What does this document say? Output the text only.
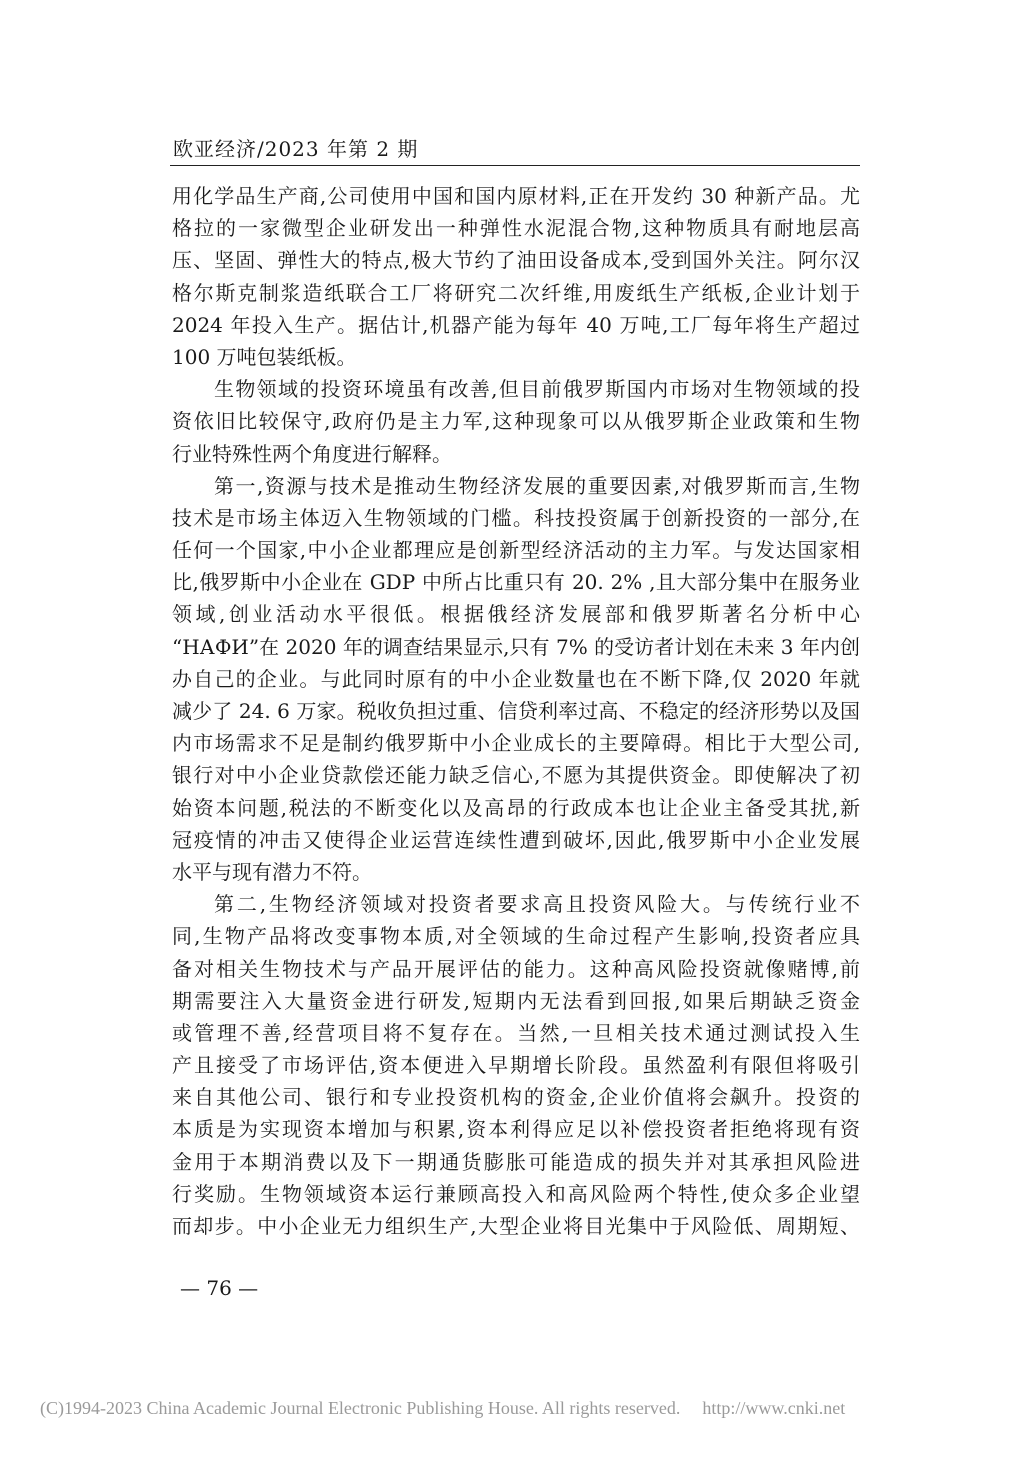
欧亚经济/2023 年第 2 期
用化学品生产商,公司使用中国和国内原材料,正在开发约 30 种新产品。尤
格拉的一家微型企业研发出一种弹性水泥混合物,这种物质具有耐地层高
压、坚固、弹性大的特点,极大节约了油田设备成本,受到国外关注。阿尔汉
格尔斯克制浆造纸联合工厂将研究二次纤维,用废纸生产纸板,企业计划于
2024 年投入生产。据估计,机器产能为每年 40 万吨,工厂每年将生产超过
100 万吨包装纸板。
生物领域的投资环境虽有改善,但目前俄罗斯国内市场对生物领域的投
资依旧比较保守,政府仍是主力军,这种现象可以从俄罗斯企业政策和生物
行业特殊性两个角度进行解释。
第一,资源与技术是推动生物经济发展的重要因素,对俄罗斯而言,生物
技术是市场主体迈入生物领域的门槛。科技投资属于创新投资的一部分,在
任何一个国家,中小企业都理应是创新型经济活动的主力军。与发达国家相
比,俄罗斯中小企业在 GDP 中所占比重只有 20. 2% ,且大部分集中在服务业
领域,创业活动水平很低。根据俄经济发展部和俄罗斯著名分析中心
“НАФИ”在 2020 年的调查结果显示,只有 7% 的受访者计划在未来 3 年内创
办自己的企业。与此同时原有的中小企业数量也在不断下降,仅 2020 年就
减少了 24. 6 万家。税收负担过重、信贷利率过高、不稳定的经济形势以及国
内市场需求不足是制约俄罗斯中小企业成长的主要障碍。相比于大型公司,
银行对中小企业贷款偿还能力缺乏信心,不愿为其提供资金。即使解决了初
始资本问题,税法的不断变化以及高昂的行政成本也让企业主备受其扰,新
冠疫情的冲击又使得企业运营连续性遭到破坏,因此,俄罗斯中小企业发展
水平与现有潜力不符。
第二,生物经济领域对投资者要求高且投资风险大。与传统行业不
同,生物产品将改变事物本质,对全领域的生命过程产生影响,投资者应具
备对相关生物技术与产品开展评估的能力。这种高风险投资就像赌博,前
期需要注入大量资金进行研发,短期内无法看到回报,如果后期缺乏资金
或管理不善,经营项目将不复存在。当然,一旦相关技术通过测试投入生
产且接受了市场评估,资本便进入早期增长阶段。虽然盈利有限但将吸引
来自其他公司、银行和专业投资机构的资金,企业价值将会飙升。投资的
本质是为实现资本增加与积累,资本利得应足以补偿投资者拒绝将现有资
金用于本期消费以及下一期通货膨胀可能造成的损失并对其承担风险进
行奖励。生物领域资本运行兼顾高投入和高风险两个特性,使众多企业望
而却步。中小企业无力组织生产,大型企业将目光集中于风险低、周期短、
— 76 —
(C)1994-2023 China Academic Journal Electronic Publishing House. All rights reserved. http://www.cnki.net
